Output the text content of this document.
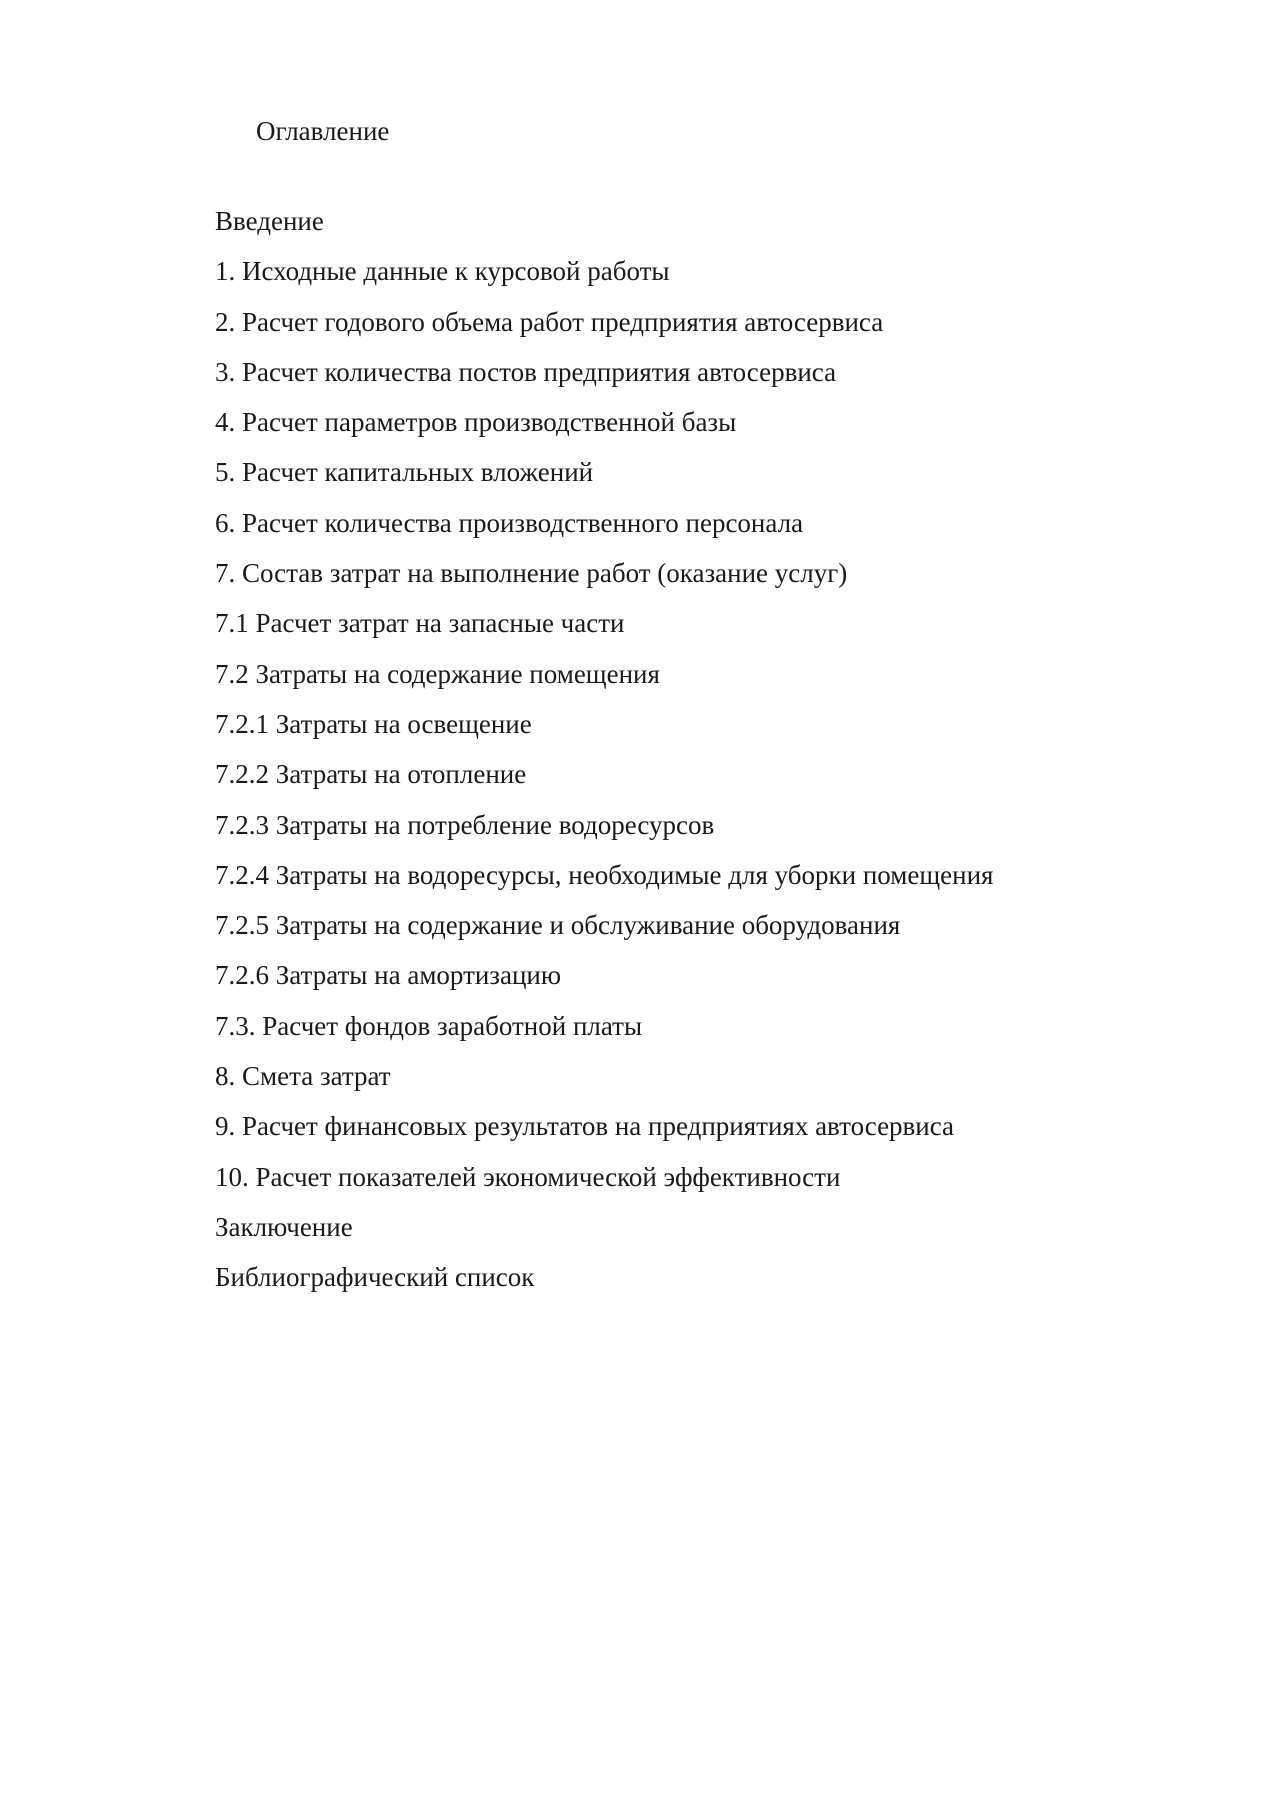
Оглавление
Введение
1. Исходные данные к курсовой работы
2. Расчет годового объема работ предприятия автосервиса
3. Расчет количества постов предприятия автосервиса
4. Расчет параметров производственной базы
5. Расчет капитальных вложений
6. Расчет количества производственного персонала
7. Состав затрат на выполнение работ (оказание услуг)
7.1 Расчет затрат на запасные части
7.2 Затраты на содержание помещения
7.2.1 Затраты на освещение
7.2.2 Затраты на отопление
7.2.3 Затраты на потребление водоресурсов
7.2.4 Затраты на водоресурсы, необходимые для уборки помещения
7.2.5 Затраты на содержание и обслуживание оборудования
7.2.6 Затраты на амортизацию
7.3. Расчет фондов заработной платы
8. Смета затрат
9. Расчет финансовых результатов на предприятиях автосервиса
10. Расчет показателей экономической эффективности
Заключение
Библиографический список
